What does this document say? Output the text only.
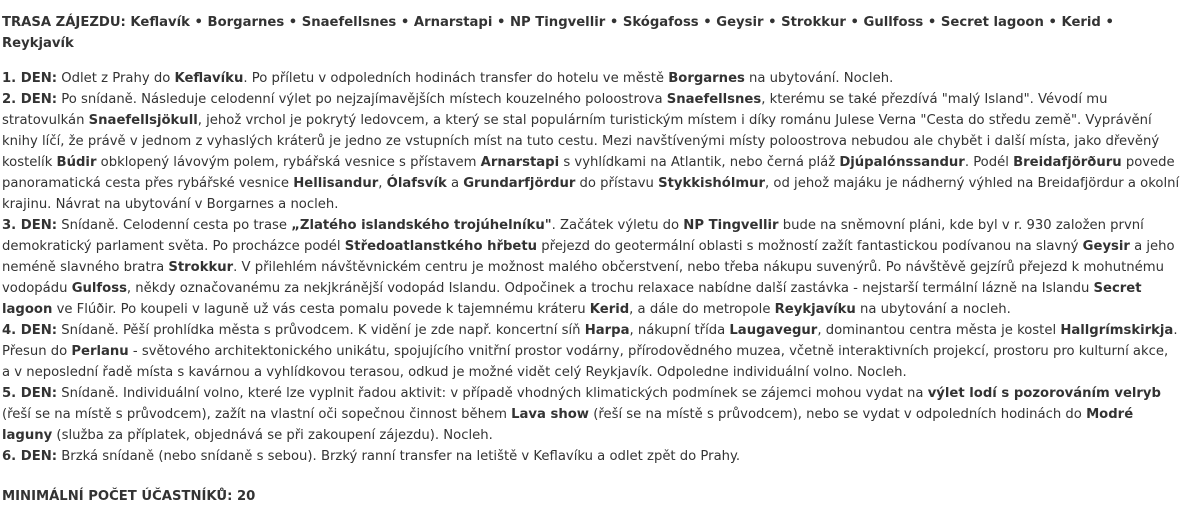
TRASA ZÁJEZDU: Keflavík • Borgarnes • Snaefellsnes • Arnarstapi • NP Tingvellir • Skógafoss • Geysir • Strokkur • Gullfoss • Secret lagoon • Kerid • Reykjavík

1. DEN: Odlet z Prahy do Keflavíku. Po příletu v odpoledních hodinách transfer do hotelu ve městě Borgarnes na ubytování. Nocleh.

2. DEN: Po snídaně. Následuje celodenní výlet po nejzajímavějších místech kouzelného poloostrova Snaefellsnes, kterému se také přezdívá "malý Island". Vévodí mu stratovulkán Snaefellsjökull, jehož vrchol je pokrytý ledovcem, a který se stal populárním turistickým místem i díky románu Julese Verna "Cesta do středu země". Vyprávění knihy líčí, že právě v jednom z vyhaslých kráterů je jedno ze vstupních míst na tuto cestu. Mezi navštívenými místy poloostrova nebudou ale chybět i další místa, jako dřevěný kostelík Búdir obklopený lávovým polem, rybářská vesnice s přístavem Arnarstapi s vyhlídkami na Atlantik, nebo černá pláž Djúpalónssandur. Podél Breidafjörðuru povede panoramatická cesta přes rybářské vesnice Hellisandur, Ólafsvík a Grundarfjördur do přístavu Stykkishólmur, od jehož majáku je nádherný výhled na Breidafjördur a okolní krajinu. Návrat na ubytování v Borgarnes a nocleh.

3. DEN: Snídaně. Celodenní cesta po trase „Zlatého islandského trojúhelníku". Začátek výletu do NP Tingvellir bude na sněmovní pláni, kde byl v r. 930 založen první demokratický parlament světa. Po procházce podél Středoatlanstkého hřbetu přejezd do geotermální oblasti s možností zažít fantastickou podívanou na slavný Geysir a jeho neméně slavného bratra Strokkur. V přilehlém návštěvnickém centru je možnost malého občerstvení, nebo třeba nákupu suvenýrů. Po návštěvě gejzírů přejezd k mohutnému vodopádu Gulfoss, někdy označovanému za nekjkránější vodopád Islandu. Odpočinek a trochu relaxace nabídne další zastávka - nejstarší termální lázně na Islandu Secret lagoon ve Flúðir. Po koupeli v laguně už vás cesta pomalu povede k tajemnému kráteru Kerid, a dále do metropole Reykjavíku na ubytování a nocleh.

4. DEN: Snídaně. Pěší prohlídka města s průvodcem. K vidění je zde např. koncertní síň Harpa, nákupní třída Laugavegur, dominantou centra města je kostel Hallgrímskirkja. Přesun do Perlanu - světového architektonického unikátu, spojujícího vnitřní prostor vodárny, přírodovědného muzea, včetně interaktivních projekcí, prostoru pro kulturní akce, a v neposlední řadě místa s kavárnou a vyhlídkovou terasou, odkud je možné vidět celý Reykjavík. Odpoledne individuální volno. Nocleh.

5. DEN: Snídaně. Individuální volno, které lze vyplnit řadou aktivit: v případě vhodných klimatických podmínek se zájemci mohou vydat na výlet lodí s pozorováním velryb (řeší se na místě s průvodcem), zažít na vlastní oči sopečnou činnost během Lava show (řeší se na místě s průvodcem), nebo se vydat v odpoledních hodinách do Modré laguny (služba za příplatek, objednává se při zakoupení zájezdu). Nocleh.

6. DEN: Brzká snídaně (nebo snídaně s sebou). Brzký ranní transfer na letiště v Keflavíku a odlet zpět do Prahy.

MINIMÁLNÍ POČET ÚČASTNÍKŮ: 20
